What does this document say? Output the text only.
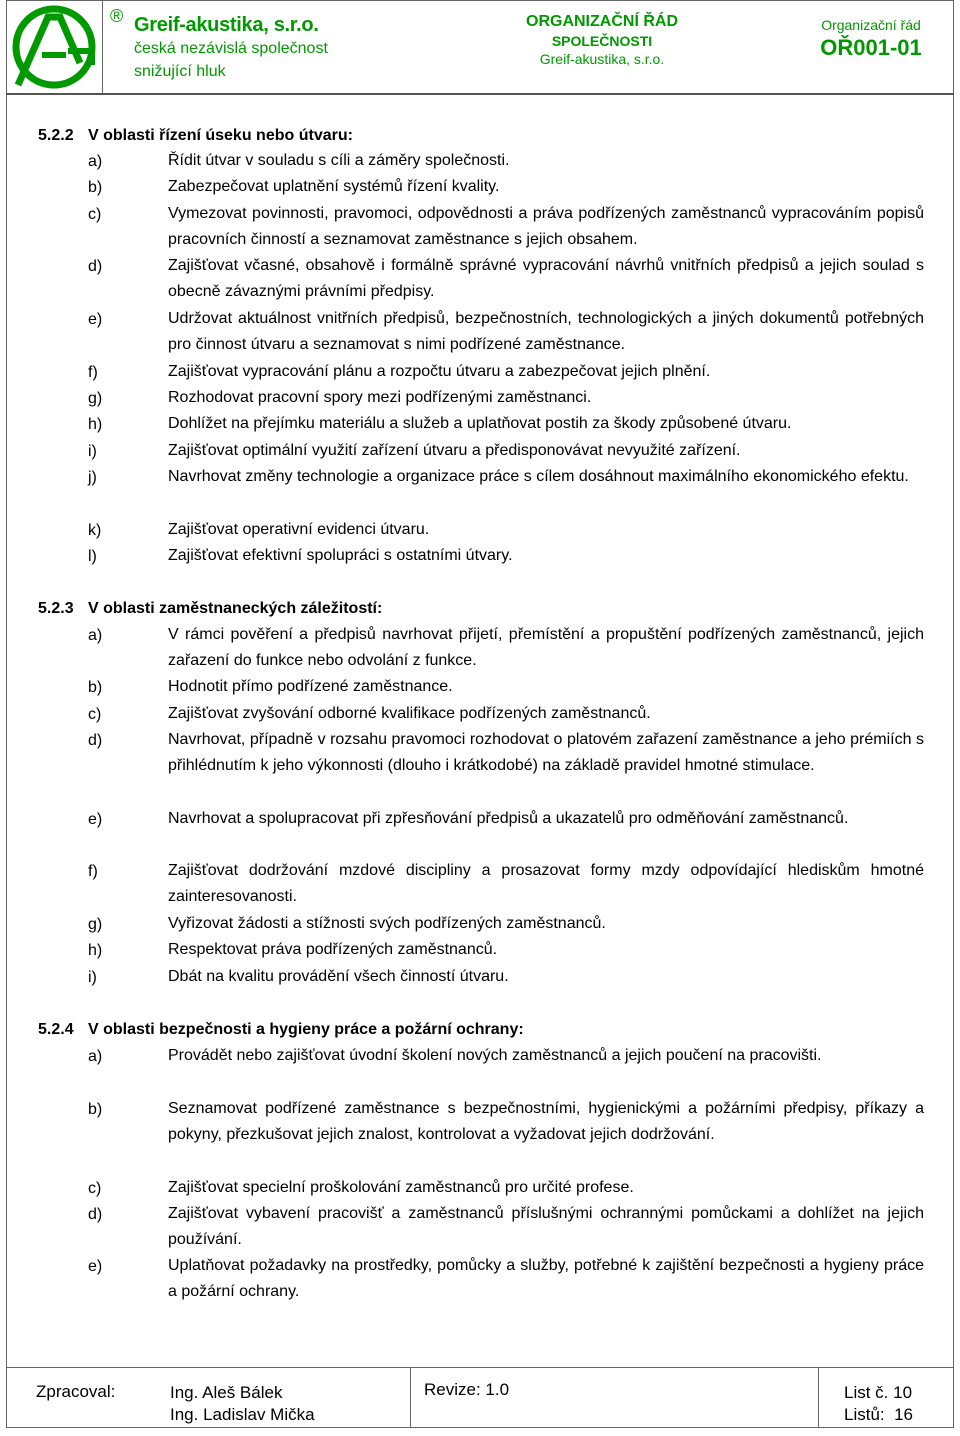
® Greif-akustika, s.r.o.
česká nezávislá společnost
snižující hluk
ORGANIZAČNÍ ŘÁD
SPOLEČNOSTI
Greif-akustika, s.r.o.
Organizační řád
OŘ001-01
5.2.2 V oblasti řízení úseku nebo útvaru:
a)	Řídit útvar v souladu s cíli a záměry společnosti.
b)	Zabezpečovat uplatnění systémů řízení kvality.
c)	Vymezovat povinnosti, pravomoci, odpovědnosti a práva podřízených zaměstnanců vypracováním popisů pracovních činností a seznamovat zaměstnance s jejich obsahem.
d)	Zajišťovat včasné, obsahově i formálně správné vypracování návrhů vnitřních předpisů a jejich soulad s obecně závaznými právními předpisy.
e)	Udržovat aktuálnost vnitřních předpisů, bezpečnostních, technologických a jiných dokumentů potřebných pro činnost útvaru a seznamovat s nimi podřízené zaměstnance.
f)	Zajišťovat vypracování plánu a rozpočtu útvaru a zabezpečovat jejich plnění.
g)	Rozhodovat pracovní spory mezi podřízenými zaměstnanci.
h)	Dohlížet na přejímku materiálu a služeb a uplatňovat postih za škody způsobené útvaru.
i)	Zajišťovat optimální využití zařízení útvaru a předisponovávat nevyužité zařízení.
j)	Navrhovat změny technologie a organizace práce s cílem dosáhnout maximálního ekonomického efektu.
k)	Zajišťovat operativní evidenci útvaru.
l)	Zajišťovat efektivní spolupráci s ostatními útvary.
5.2.3 V oblasti zaměstnaneckých záležitostí:
a)	V rámci pověření a předpisů navrhovat přijetí, přemístění a propuštění podřízených zaměstnanců, jejich zařazení do funkce nebo odvolání z funkce.
b)	Hodnotit přímo podřízené zaměstnance.
c)	Zajišťovat zvyšování odborné kvalifikace podřízených zaměstnanců.
d)	Navrhovat, případně v rozsahu pravomoci rozhodovat o platovém zařazení zaměstnance a jeho prémiích s přihlédnutím k jeho výkonnosti (dlouho i krátkodobé) na základě pravidel hmotné stimulace.
e)	Navrhovat a spolupracovat při zpřesňování předpisů a ukazatelů pro odměňování zaměstnanců.
f)	Zajišťovat dodržování mzdové discipliny a prosazovat formy mzdy odpovídající hlediskům hmotné zainteresovanosti.
g)	Vyřizovat žádosti a stížnosti svých podřízených zaměstnanců.
h)	Respektovat práva podřízených zaměstnanců.
i)	Dbát na kvalitu provádění všech činností útvaru.
5.2.4 V oblasti bezpečnosti a hygieny práce a požární ochrany:
a)	Provádět nebo zajišťovat úvodní školení nových zaměstnanců a jejich poučení na pracovišti.
b)	Seznamovat podřízené zaměstnance s bezpečnostními, hygienickými a požárními předpisy, příkazy a pokyny, přezkušovat jejich znalost, kontrolovat a vyžadovat jejich dodržování.
c)	Zajišťovat specielní proškolování zaměstnanců pro určité profese.
d)	Zajišťovat vybavení pracovišť a zaměstnanců příslušnými ochrannými pomůckami a dohlížet na jejich používání.
e)	Uplatňovat požadavky na prostředky, pomůcky a služby, potřebné k zajištění bezpečnosti a hygieny práce a požární ochrany.
Zpracoval:	Ing. Aleš Bálek
Ing. Ladislav Mička
Revize: 1.0	List č. 10
Listů:  16
